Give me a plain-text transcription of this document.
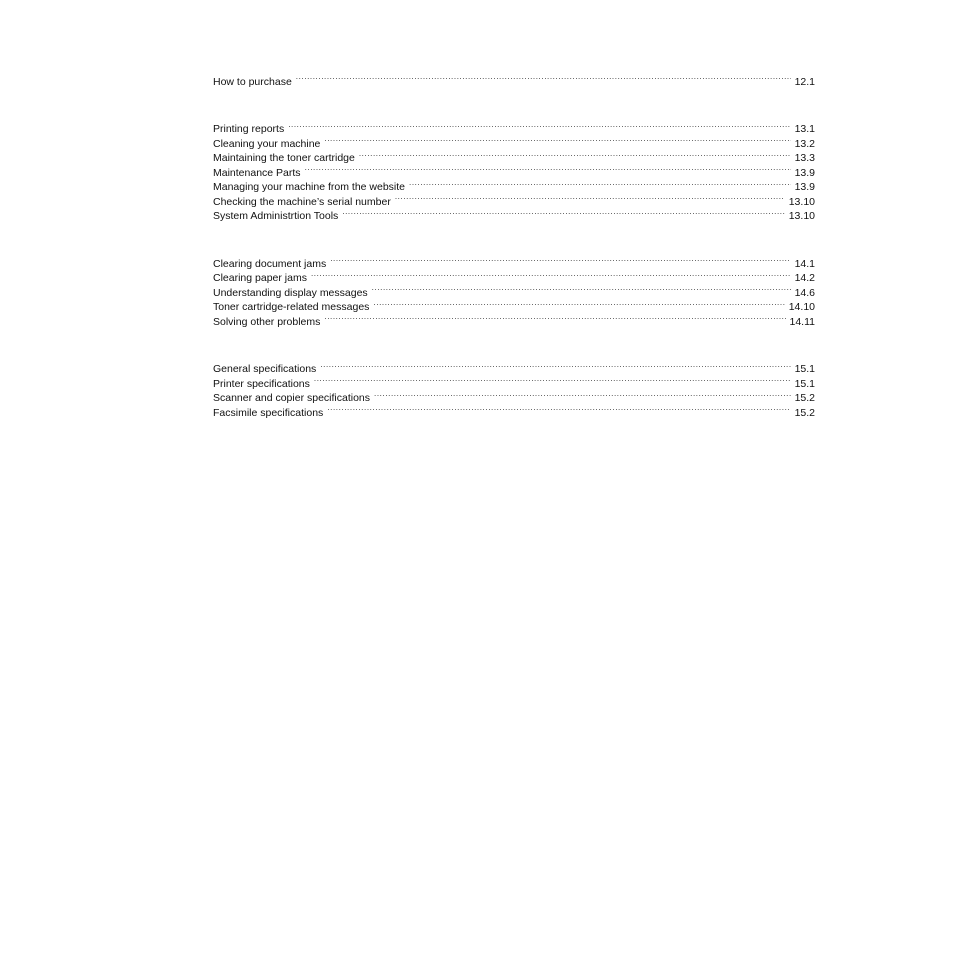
How to purchase .....	12.1
Printing reports .....	13.1
Cleaning your machine .....	13.2
Maintaining the toner cartridge .....	13.3
Maintenance Parts .....	13.9
Managing your machine from the website .....	13.9
Checking the machine’s serial number .....	13.10
System Administrtion Tools .....	13.10
Clearing document jams .....	14.1
Clearing paper jams .....	14.2
Understanding display messages .....	14.6
Toner cartridge-related messages .....	14.10
Solving other problems .....	14.11
General specifications .....	15.1
Printer specifications .....	15.1
Scanner and copier specifications .....	15.2
Facsimile specifications .....	15.2
